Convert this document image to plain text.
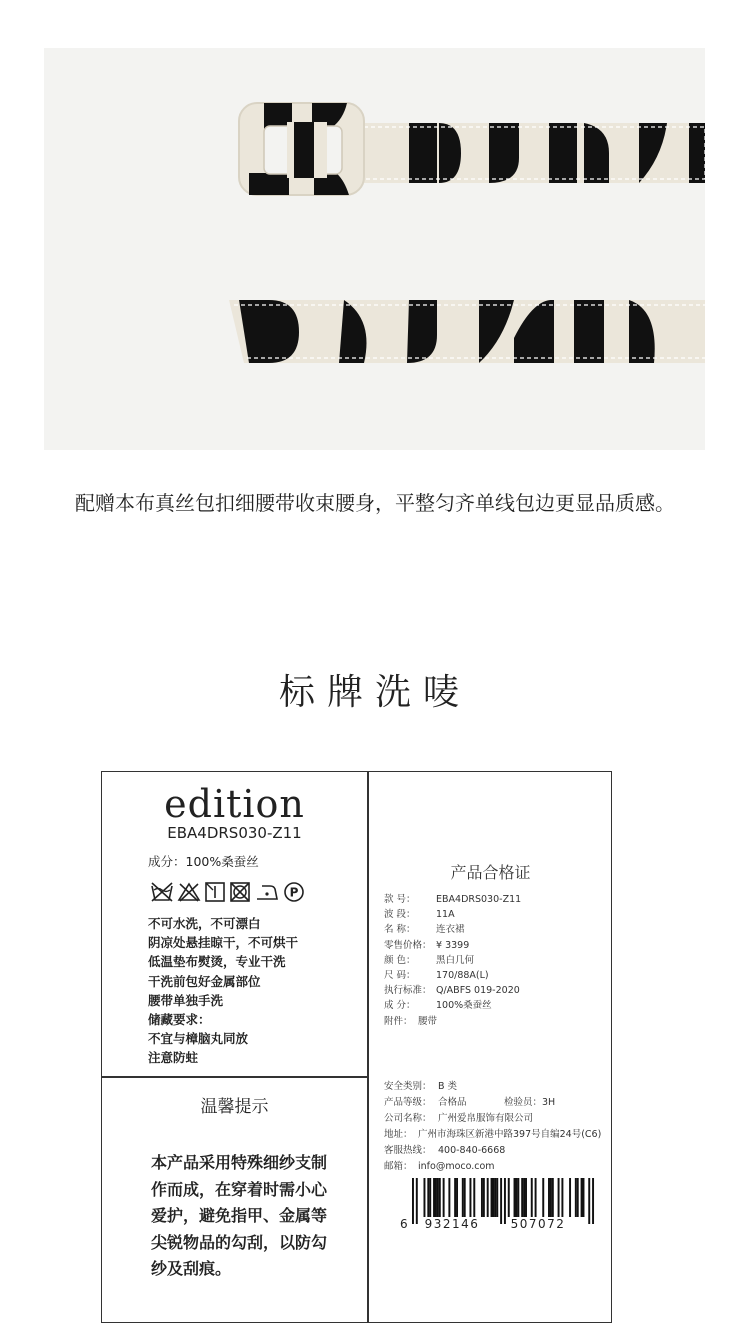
配赠本布真丝包扣细腰带收束腰身，平整匀齐单线包边更显品质感。
标牌洗唛
edition
EBA4DRS030-Z11
成分：100%桑蚕丝
P
不可水洗，不可漂白
阴凉处悬挂晾干，不可烘干
低温垫布熨烫，专业干洗
干洗前包好金属部位
腰带单独手洗
储藏要求：
不宜与樟脑丸同放
注意防蛀
温馨提示
本产品采用特殊细纱支制作而成，在穿着时需小心爱护，避免指甲、金属等尖锐物品的勾刮，以防勾纱及刮痕。
产品合格证
款 号：	EBA4DRS030-Z11
波 段：	11A
名 称：	连衣裙
零售价格： ¥ 3399
颜 色：	黑白几何
尺 码：	170/88A(L)
执行标准： Q/ABFS 019-2020
成 分：	100%桑蚕丝
附件： 腰带
安全类别： B 类
产品等级： 合格品	检验员：3H
公司名称： 广州爱帛服饰有限公司
地址： 广州市海珠区新港中路397号自编24号(C6)
客服热线： 400-840-6668
邮箱： info@moco.com
6 932146	507072
